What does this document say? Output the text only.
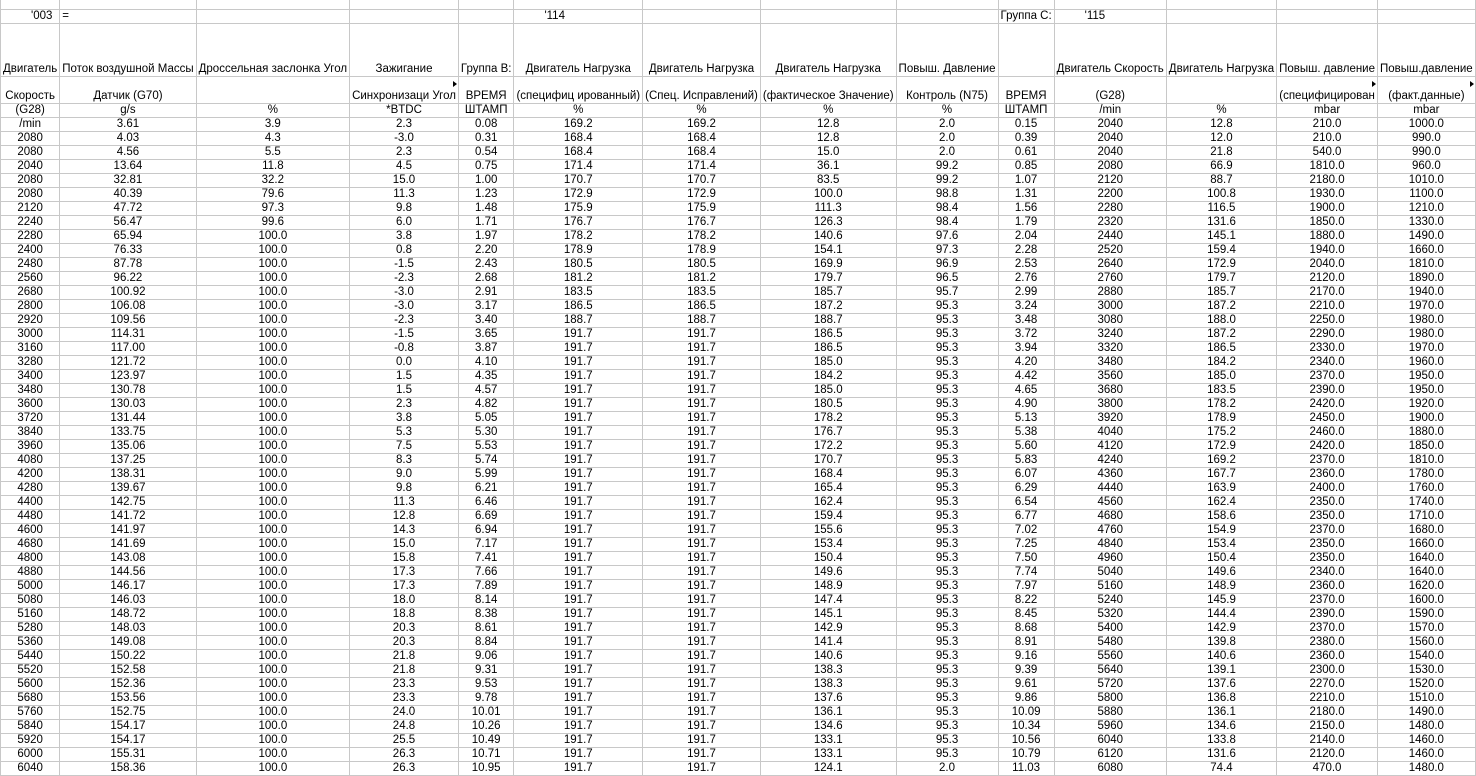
'003	=				'114				Группа С:	'115			
Двигатель	Поток воздушной Массы	Дроссельная заслонка Угол	Зажигание	Группа В:	Двигатель Нагрузка	Двигатель Нагрузка	Двигатель Нагрузка	Повыш. Давление		Двигатель Скорость	Двигатель Нагрузка	Повыш. давление	Повыш.давление
Скорость	Датчик (G70)		Синхронизаци Угол	ВРЕМЯ	(специфиц ированный)	(Спец. Исправлений)	(фактическое Значение)	Контроль (N75)	ВРЕМЯ	(G28)		(специфицирован	(факт.данные)
(G28)	g/s	%	*BTDC	ШТАМП	%	%	%	%	ШТАМП	/min	%	mbar	mbar
/min	3.61	3.9	2.3	0.08	169.2	169.2	12.8	2.0	0.15	2040	12.8	210.0	1000.0
2080	4.03	4.3	-3.0	0.31	168.4	168.4	12.8	2.0	0.39	2040	12.0	210.0	990.0
2080	4.56	5.5	2.3	0.54	168.4	168.4	15.0	2.0	0.61	2040	21.8	540.0	990.0
2040	13.64	11.8	4.5	0.75	171.4	171.4	36.1	99.2	0.85	2080	66.9	1810.0	960.0
2080	32.81	32.2	15.0	1.00	170.7	170.7	83.5	99.2	1.07	2120	88.7	2180.0	1010.0
2080	40.39	79.6	11.3	1.23	172.9	172.9	100.0	98.8	1.31	2200	100.8	1930.0	1100.0
2120	47.72	97.3	9.8	1.48	175.9	175.9	111.3	98.4	1.56	2280	116.5	1900.0	1210.0
2240	56.47	99.6	6.0	1.71	176.7	176.7	126.3	98.4	1.79	2320	131.6	1850.0	1330.0
2280	65.94	100.0	3.8	1.97	178.2	178.2	140.6	97.6	2.04	2440	145.1	1880.0	1490.0
2400	76.33	100.0	0.8	2.20	178.9	178.9	154.1	97.3	2.28	2520	159.4	1940.0	1660.0
2480	87.78	100.0	-1.5	2.43	180.5	180.5	169.9	96.9	2.53	2640	172.9	2040.0	1810.0
2560	96.22	100.0	-2.3	2.68	181.2	181.2	179.7	96.5	2.76	2760	179.7	2120.0	1890.0
2680	100.92	100.0	-3.0	2.91	183.5	183.5	185.7	95.7	2.99	2880	185.7	2170.0	1940.0
2800	106.08	100.0	-3.0	3.17	186.5	186.5	187.2	95.3	3.24	3000	187.2	2210.0	1970.0
2920	109.56	100.0	-2.3	3.40	188.7	188.7	188.7	95.3	3.48	3080	188.0	2250.0	1980.0
3000	114.31	100.0	-1.5	3.65	191.7	191.7	186.5	95.3	3.72	3240	187.2	2290.0	1980.0
3160	117.00	100.0	-0.8	3.87	191.7	191.7	186.5	95.3	3.94	3320	186.5	2330.0	1970.0
3280	121.72	100.0	0.0	4.10	191.7	191.7	185.0	95.3	4.20	3480	184.2	2340.0	1960.0
3400	123.97	100.0	1.5	4.35	191.7	191.7	184.2	95.3	4.42	3560	185.0	2370.0	1950.0
3480	130.78	100.0	1.5	4.57	191.7	191.7	185.0	95.3	4.65	3680	183.5	2390.0	1950.0
3600	130.03	100.0	2.3	4.82	191.7	191.7	180.5	95.3	4.90	3800	178.2	2420.0	1920.0
3720	131.44	100.0	3.8	5.05	191.7	191.7	178.2	95.3	5.13	3920	178.9	2450.0	1900.0
3840	133.75	100.0	5.3	5.30	191.7	191.7	176.7	95.3	5.38	4040	175.2	2460.0	1880.0
3960	135.06	100.0	7.5	5.53	191.7	191.7	172.2	95.3	5.60	4120	172.9	2420.0	1850.0
4080	137.25	100.0	8.3	5.74	191.7	191.7	170.7	95.3	5.83	4240	169.2	2370.0	1810.0
4200	138.31	100.0	9.0	5.99	191.7	191.7	168.4	95.3	6.07	4360	167.7	2360.0	1780.0
4280	139.67	100.0	9.8	6.21	191.7	191.7	165.4	95.3	6.29	4440	163.9	2400.0	1760.0
4400	142.75	100.0	11.3	6.46	191.7	191.7	162.4	95.3	6.54	4560	162.4	2350.0	1740.0
4480	141.72	100.0	12.8	6.69	191.7	191.7	159.4	95.3	6.77	4680	158.6	2350.0	1710.0
4600	141.97	100.0	14.3	6.94	191.7	191.7	155.6	95.3	7.02	4760	154.9	2370.0	1680.0
4680	141.69	100.0	15.0	7.17	191.7	191.7	153.4	95.3	7.25	4840	153.4	2350.0	1660.0
4800	143.08	100.0	15.8	7.41	191.7	191.7	150.4	95.3	7.50	4960	150.4	2350.0	1640.0
4880	144.56	100.0	17.3	7.66	191.7	191.7	149.6	95.3	7.74	5040	149.6	2340.0	1640.0
5000	146.17	100.0	17.3	7.89	191.7	191.7	148.9	95.3	7.97	5160	148.9	2360.0	1620.0
5080	146.03	100.0	18.0	8.14	191.7	191.7	147.4	95.3	8.22	5240	145.9	2370.0	1600.0
5160	148.72	100.0	18.8	8.38	191.7	191.7	145.1	95.3	8.45	5320	144.4	2390.0	1590.0
5280	148.03	100.0	20.3	8.61	191.7	191.7	142.9	95.3	8.68	5400	142.9	2370.0	1570.0
5360	149.08	100.0	20.3	8.84	191.7	191.7	141.4	95.3	8.91	5480	139.8	2380.0	1560.0
5440	150.22	100.0	21.8	9.06	191.7	191.7	140.6	95.3	9.16	5560	140.6	2360.0	1540.0
5520	152.58	100.0	21.8	9.31	191.7	191.7	138.3	95.3	9.39	5640	139.1	2300.0	1530.0
5600	152.36	100.0	23.3	9.53	191.7	191.7	138.3	95.3	9.61	5720	137.6	2270.0	1520.0
5680	153.56	100.0	23.3	9.78	191.7	191.7	137.6	95.3	9.86	5800	136.8	2210.0	1510.0
5760	152.75	100.0	24.0	10.01	191.7	191.7	136.1	95.3	10.09	5880	136.1	2180.0	1490.0
5840	154.17	100.0	24.8	10.26	191.7	191.7	134.6	95.3	10.34	5960	134.6	2150.0	1480.0
5920	154.17	100.0	25.5	10.49	191.7	191.7	133.1	95.3	10.56	6040	133.8	2140.0	1460.0
6000	155.31	100.0	26.3	10.71	191.7	191.7	133.1	95.3	10.79	6120	131.6	2120.0	1460.0
6040	158.36	100.0	26.3	10.95	191.7	191.7	124.1	2.0	11.03	6080	74.4	470.0	1480.0
